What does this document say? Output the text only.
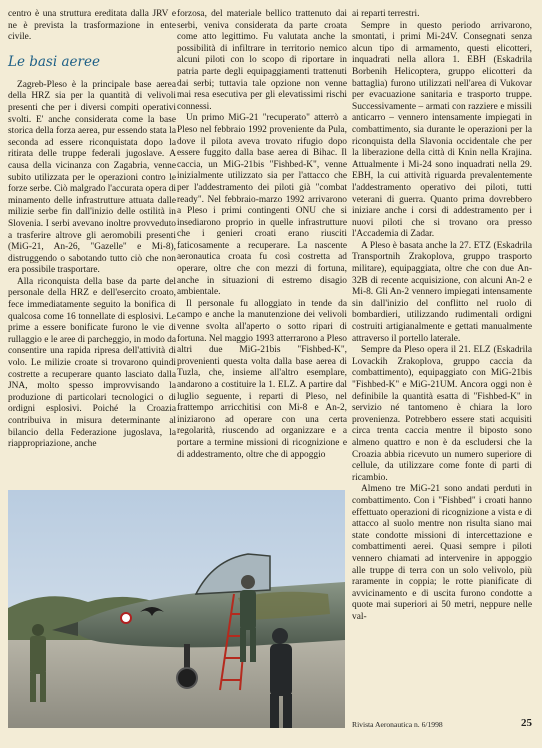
centro è una struttura ereditata dalla JRV e ne è prevista la trasformazione in ente civile.

Le basi aeree

Zagreb-Pleso è la principale base aerea della HRZ sia per la quantità di velivoli presenti che per i diversi compiti operativi svolti. E' anche considerata come la base storica della forza aerea, pur essendo stata la seconda ad essere riconquistata dopo la ritirata delle truppe federali jugoslave. A causa della vicinanza con Zagabria, venne subito utilizzata per le operazioni contro le forze serbe. Ciò malgrado l'accurata opera di minamento delle infrastrutture attuata dalle milizie serbe fin dall'inizio delle ostilità in Slovenia. I serbi avevano inoltre provveduto a trasferire altrove gli aeromobili presenti (MiG-21, An-26, "Gazelle" e Mi-8), distruggendo o sabotando tutto ciò che non era possibile trasportare.

Alla riconquista della base da parte del personale della HRZ e dell'esercito croato, fece immediatamente seguito la bonifica di qualcosa come 16 tonnellate di esplosivi. Le prime a essere bonificate furono le vie di rullaggio e le aree di parcheggio, in modo da consentire una rapida ripresa dell'attività di volo. Le milizie croate si trovarono quindi costrette a recuperare quanto lasciato dalla JNA, molto spesso improvvisando la produzione di particolari tecnologici o di ordigni esplosivi. Poiché la Croazia contribuiva in misura determinante al bilancio della Federazione jugoslava, la riappropriazione, anche

forzosa, del materiale bellico trattenuto dai serbi, veniva considerata da parte croata come atto legittimo. Fu valutata anche la possibilità di infiltrare in territorio nemico alcuni piloti con lo scopo di riportare in patria parte degli equipaggiamenti trattenuti dai serbi; tuttavia tale opzione non venne mai resa esecutiva per gli elevatissimi rischi connessi.

Un primo MiG-21 "recuperato" atterrò a Pleso nel febbraio 1992 proveniente da Pula, dove il pilota aveva trovato rifugio dopo essere fuggito dalla base aerea di Bihac. Il caccia, un MiG-21bis "Fishbed-K", venne inizialmente utilizzato sia per l'attacco che per l'addestramento dei piloti già "combat ready". Nel febbraio-marzo 1992 arrivarono a Pleso i primi contingenti ONU che si insediarono proprio in quelle infrastrutture che i genieri croati erano riusciti faticosamente a recuperare. La nascente aeronautica croata fu così costretta ad operare, oltre che con mezzi di fortuna, anche in situazioni di estremo disagio ambientale.

Il personale fu alloggiato in tende da campo e anche la manutenzione dei velivoli venne svolta all'aperto o sotto ripari di fortuna. Nel maggio 1993 atterrarono a Pleso altri due MiG-21bis "Fishbed-K", provenienti questa volta dalla base aerea di Tuzla, che, insieme all'altro esemplare, andarono a costituire la 1. ELZ. A partire dal luglio seguente, i reparti di Pleso, nel frattempo arricchitisi con Mi-8 e An-2, iniziarono ad operare con una certa regolarità, riuscendo ad organizzare e a portare a termine missioni di ricognizione e di addestramento, oltre che di appoggio

ai reparti terrestri.

Sempre in questo periodo arrivarono, smontati, i primi Mi-24V. Consegnati senza alcun tipo di armamento, questi elicotteri, inquadrati nella allora 1. EBH (Eskadrila Borbenih Helicoptera, gruppo elicotteri da battaglia) furono utilizzati nell'area di Vukovar per evacuazione sanitaria e trasporto truppe. Successivamente – armati con razziere e missili anticarro – vennero intensamente impiegati in combattimento, sia durante le operazioni per la riconquista della Slavonia occidentale che per la liberazione della città di Knin nella Krajina. Attualmente i Mi-24 sono inquadrati nella 29. EBH, la cui attività riguarda prevalentemente l'addestramento operativo dei piloti, tutti veterani di guerra. Quanto prima dovrebbero iniziare anche i corsi di addestramento per i nuovi piloti che si trovano ora presso l'Accademia di Zadar.

A Pleso è basata anche la 27. ETZ (Eskadrila Transportnih Zrakoplova, gruppo trasporto militare), equipaggiata, oltre che con due An-32B di recente acquisizione, con alcuni An-2 e Mi-8. Gli An-2 vennero impiegati intensamente sin dall'inizio del conflitto nel ruolo di bombardieri, utilizzando rudimentali ordigni costruiti artigianalmente e gettati manualmente attraverso il portello laterale.

Sempre da Pleso opera il 21. ELZ (Eskadrila Lovackih Zrakoplova, gruppo caccia da combattimento), equipaggiato con MiG-21bis "Fishbed-K" e MiG-21UM. Ancora oggi non è definibile la quantità esatta di "Fishbed-K" in servizio né tantomeno è chiara la loro provenienza. Potrebbero essere stati acquisiti circa trenta caccia mentre il biposto sono almeno quattro e non è da escludersi che la Croazia abbia ricevuto un numero superiore di cellule, da utilizzare come fonte di parti di ricambio.

Almeno tre MiG-21 sono andati perduti in combattimento. Con i "Fishbed" i croati hanno effettuato operazioni di ricognizione a vista e di attacco al suolo mentre non risulta siano mai state condotte missioni di intercettazione e combattimenti aerei. Quasi sempre i piloti vennero chiamati ad intervenire in appoggio alle truppe di terra con un solo velivolo, più raramente in coppia; le rotte pianificate di avvicinamento e di uscita furono condotte a quote mai superiori ai 50 metri, neppure nelle val-

Rivista Aeronautica n. 6/1998	25
